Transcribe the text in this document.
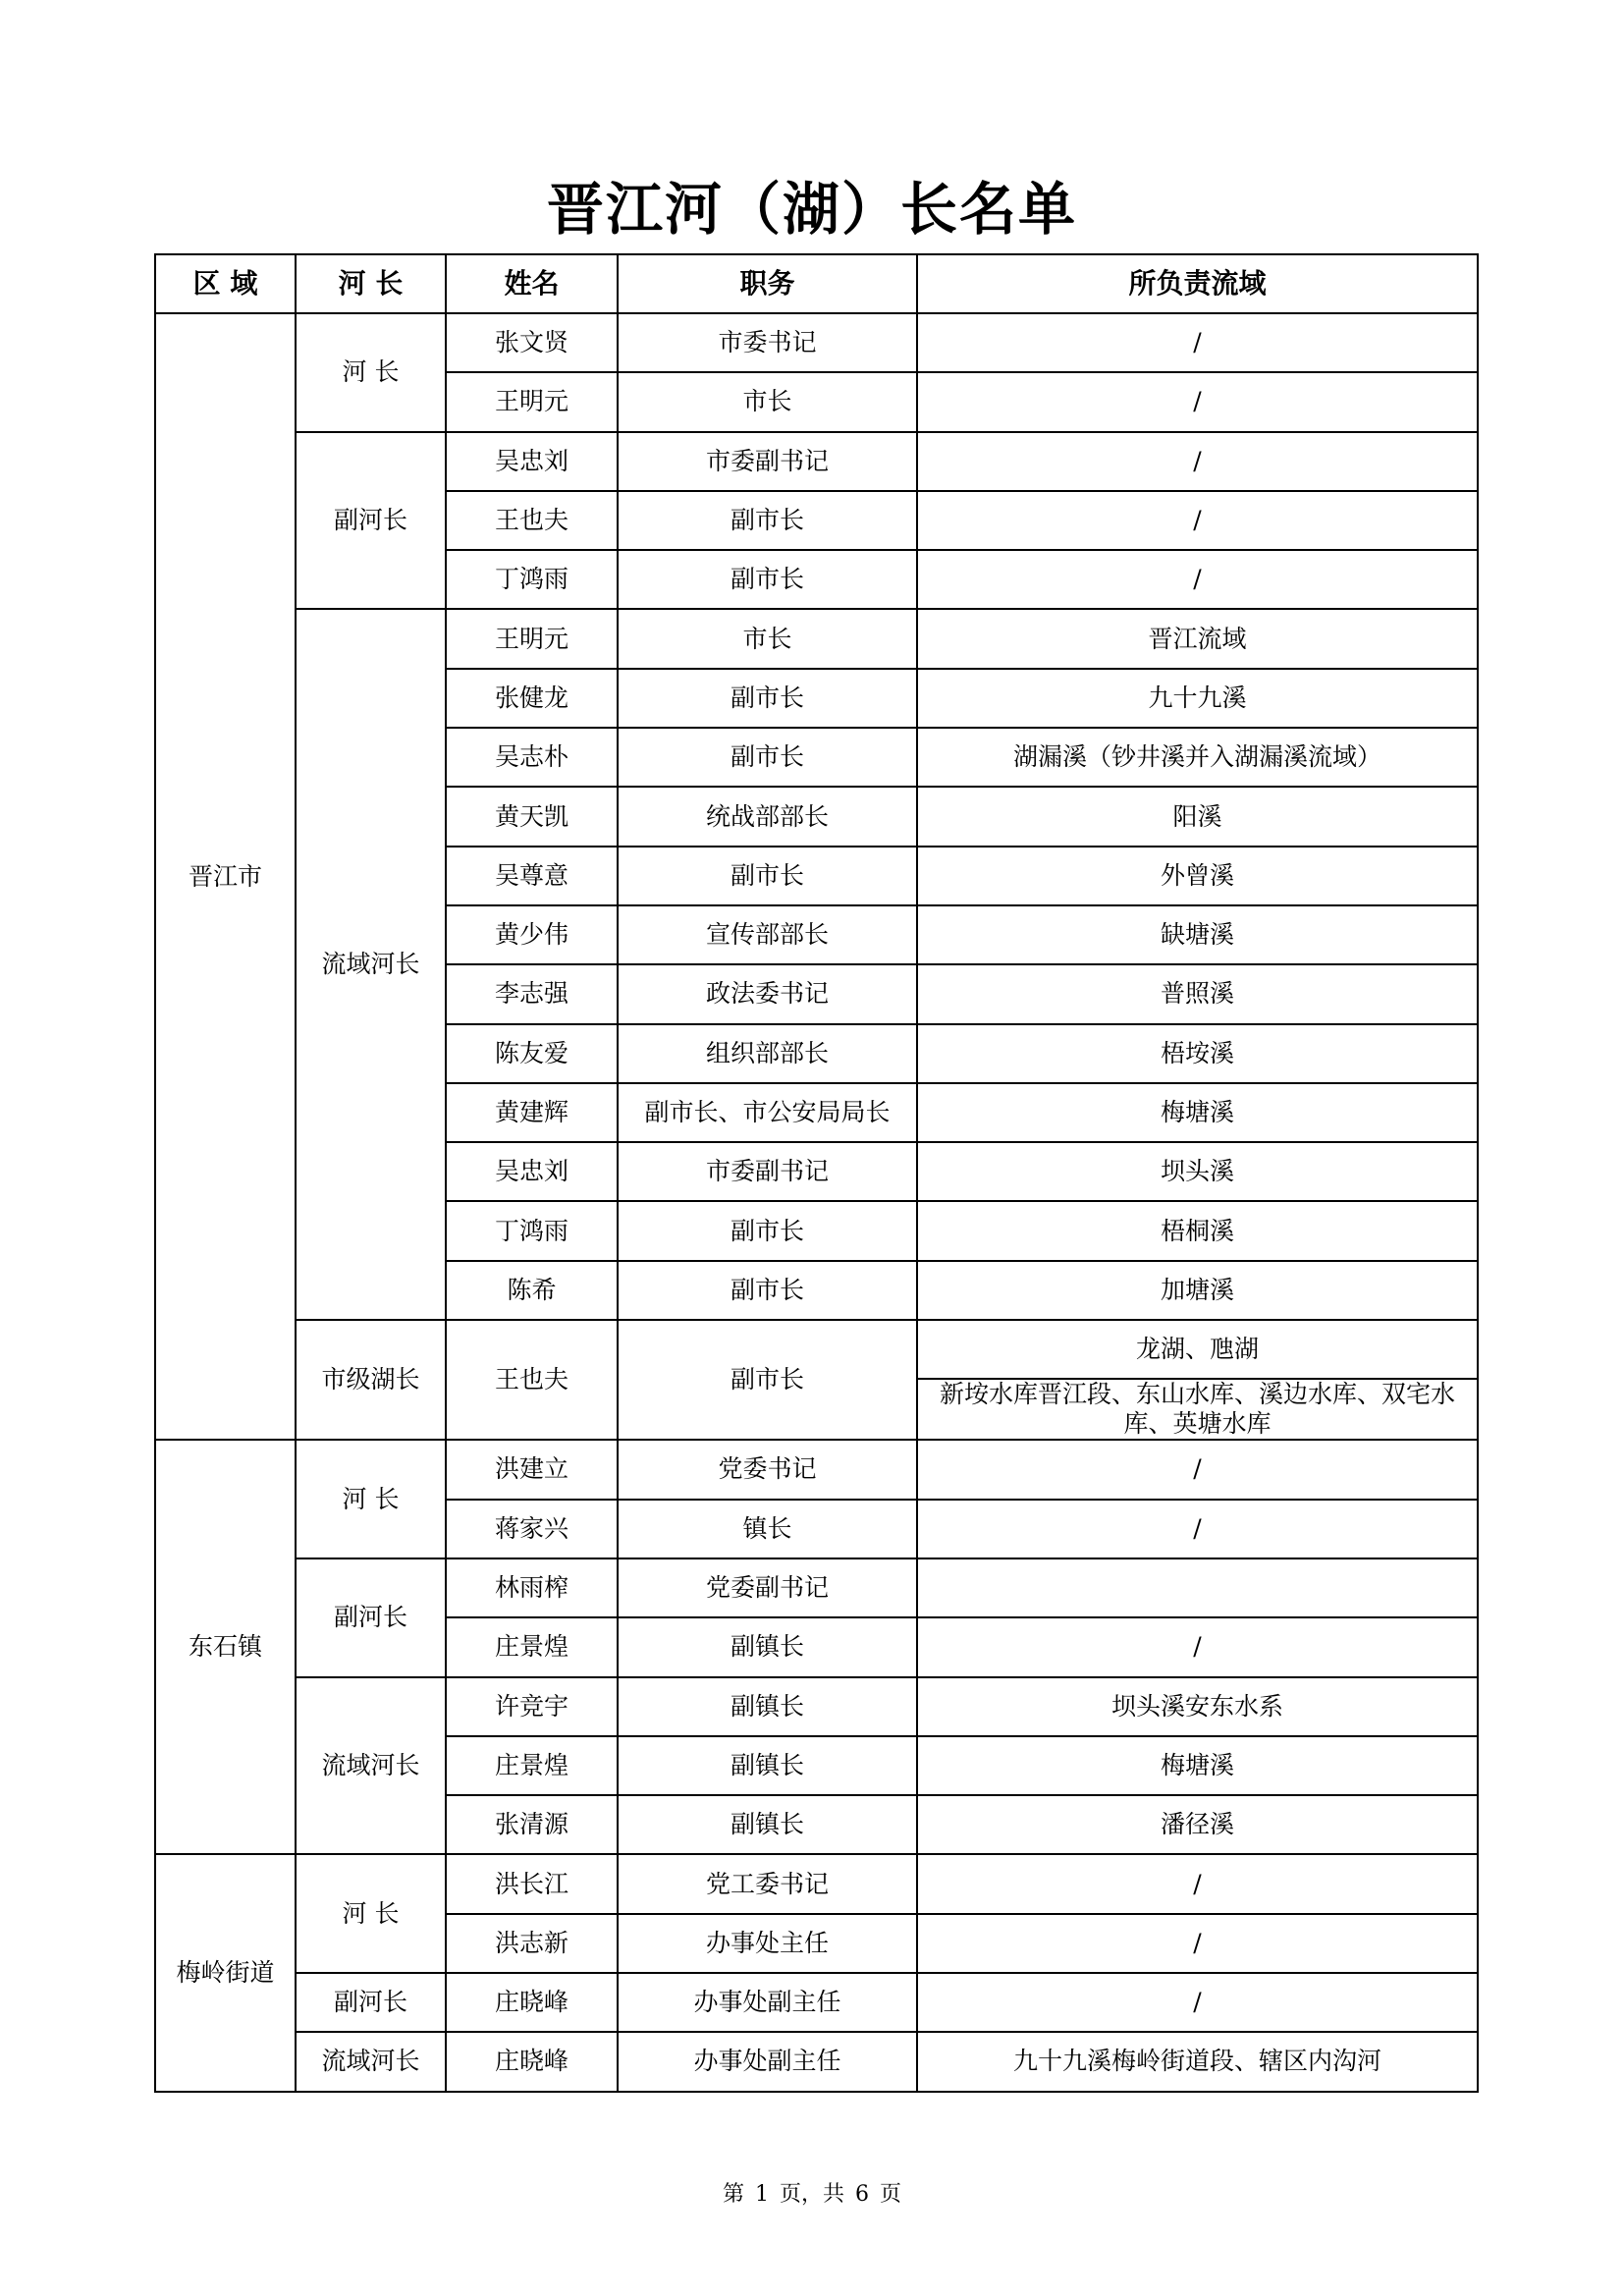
晋江河（湖）长名单
区 域	河 长	姓名	职务	所负责流域
晋江市	河 长	张文贤	市委书记	/
		王明元	市长	/
	副河长	吴忠刘	市委副书记	/
		王也夫	副市长	/
		丁鸿雨	副市长	/
	流域河长	王明元	市长	晋江流域
		张健龙	副市长	九十九溪
		吴志朴	副市长	湖漏溪（钞井溪并入湖漏溪流域）
		黄天凯	统战部部长	阳溪
		吴尊意	副市长	外曾溪
		黄少伟	宣传部部长	缺塘溪
		李志强	政法委书记	普照溪
		陈友爱	组织部部长	梧垵溪
		黄建辉	副市长、市公安局局长	梅塘溪
		吴忠刘	市委副书记	坝头溪
		丁鸿雨	副市长	梧桐溪
		陈希	副市长	加塘溪
	市级湖长	王也夫	副市长	龙湖、虺湖
				新垵水库晋江段、东山水库、溪边水库、双宅水库、英塘水库
东石镇	河 长	洪建立	党委书记	/
		蒋家兴	镇长	/
	副河长	林雨榨	党委副书记	
		庄景煌	副镇长	/
	流域河长	许竞宇	副镇长	坝头溪安东水系
		庄景煌	副镇长	梅塘溪
		张清源	副镇长	潘径溪
梅岭街道	河 长	洪长江	党工委书记	/
		洪志新	办事处主任	/
	副河长	庄晓峰	办事处副主任	/
	流域河长	庄晓峰	办事处副主任	九十九溪梅岭街道段、辖区内沟河
第 1 页，共 6 页
